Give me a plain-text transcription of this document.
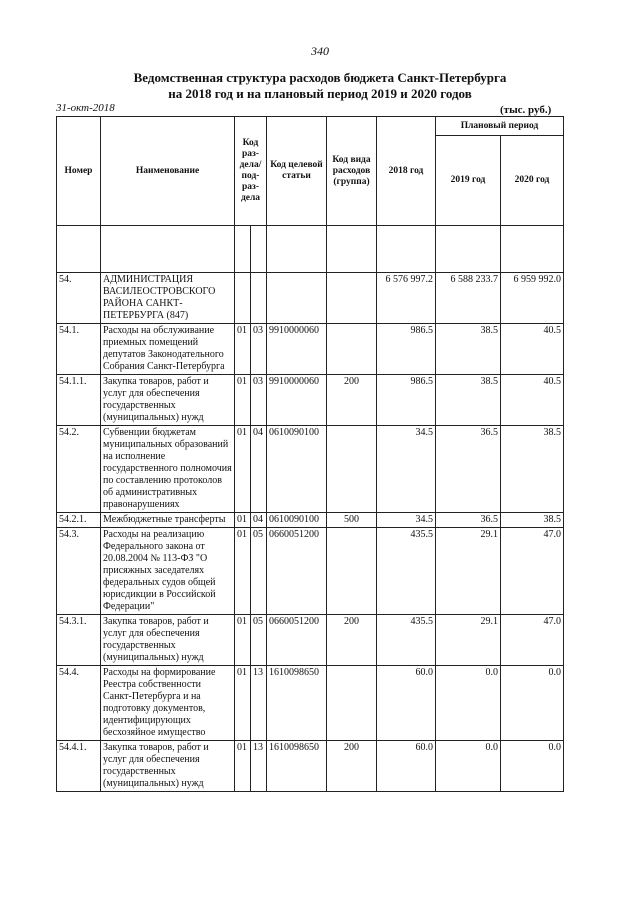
340
Ведомственная структура расходов бюджета Санкт-Петербурга
на 2018 год и на плановый период 2019 и 2020 годов
31-окт-2018	(тыс. руб.)
Номер	Наименование	Код раз-дела/ под-раз-дела		Код целевой статьи	Код вида расходов (группа)	2018 год	Плановый период	
							2019 год	2020 год

54.	АДМИНИСТРАЦИЯ ВАСИЛЕОСТРОВСКОГО РАЙОНА САНКТ-ПЕТЕРБУРГА (847)					6 576 997.2	6 588 233.7	6 959 992.0
54.1.	Расходы на обслуживание приемных помещений депутатов Законодательного Собрания Санкт-Петербурга	01	03	9910000060		986.5	38.5	40.5
54.1.1.	Закупка товаров, работ и услуг для обеспечения государственных (муниципальных) нужд	01	03	9910000060	200	986.5	38.5	40.5
54.2.	Субвенции бюджетам муниципальных образований на исполнение государственного полномочия по составлению протоколов об административных правонарушениях	01	04	0610090100		34.5	36.5	38.5
54.2.1.	Межбюджетные трансферты	01	04	0610090100	500	34.5	36.5	38.5
54.3.	Расходы на реализацию Федерального закона от 20.08.2004 № 113-ФЗ "О присяжных заседателях федеральных судов общей юрисдикции в Российской Федерации"	01	05	0660051200		435.5	29.1	47.0
54.3.1.	Закупка товаров, работ и услуг для обеспечения государственных (муниципальных) нужд	01	05	0660051200	200	435.5	29.1	47.0
54.4.	Расходы на формирование Реестра собственности Санкт-Петербурга и на подготовку документов, идентифицирующих бесхозяйное имущество	01	13	1610098650		60.0	0.0	0.0
54.4.1.	Закупка товаров, работ и услуг для обеспечения государственных (муниципальных) нужд	01	13	1610098650	200	60.0	0.0	0.0
